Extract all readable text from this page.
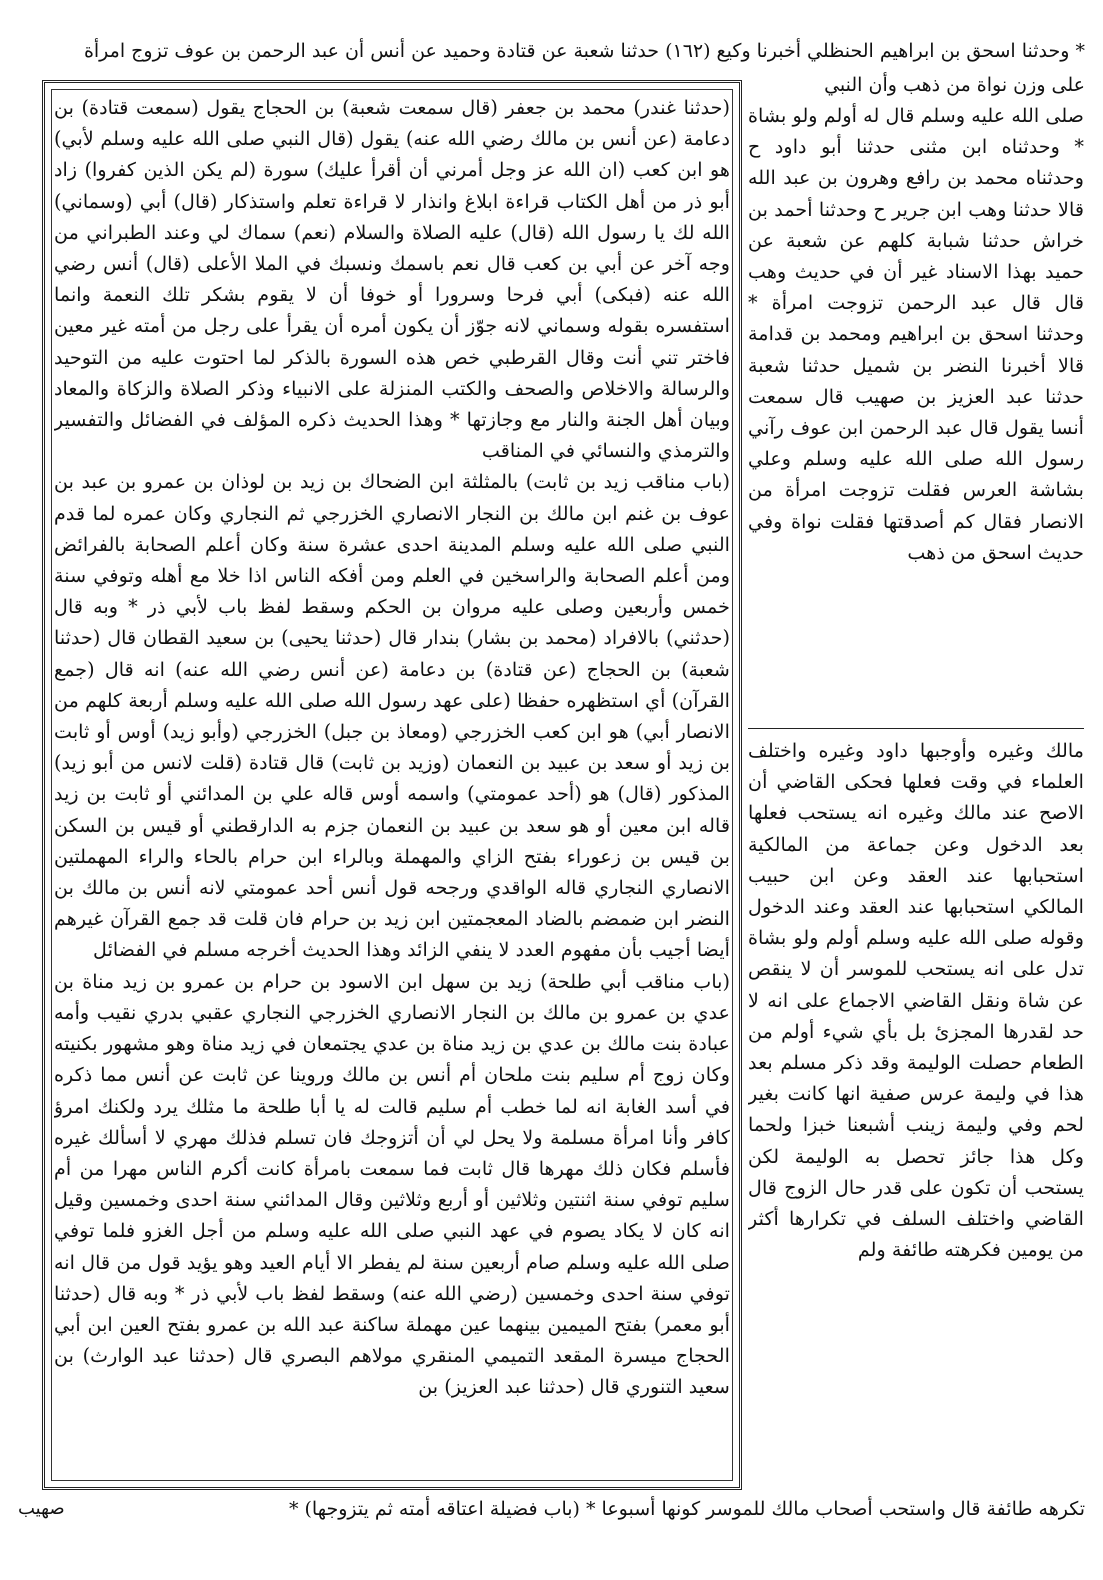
* وحدثنا اسحق بن ابراهيم الحنظلي أخبرنا وكيع (١٦٢) حدثنا شعبة عن قتادة وحميد عن أنس أن عبد الرحمن بن عوف تزوج امرأة
على وزن نواة من ذهب وأن النبي

(حدثنا غندر) محمد بن جعفر (قال سمعت شعبة) بن الحجاج يقول (سمعت قتادة) بن دعامة (عن أنس بن مالك رضي الله عنه) يقول (قال النبي صلى الله عليه وسلم لأبي) هو ابن كعب (ان الله عز وجل أمرني أن أقرأ عليك) سورة (لم يكن الذين كفروا) زاد أبو ذر من أهل الكتاب قراءة ابلاغ وانذار لا قراءة تعلم واستذكار (قال) أبي (وسماني) الله لك يا رسول الله (قال) عليه الصلاة والسلام (نعم) سماك لي وعند الطبراني من وجه آخر عن أبي بن كعب قال نعم باسمك ونسبك في الملا الأعلى (قال) أنس رضي الله عنه (فبكى) أبي فرحا وسرورا أو خوفا أن لا يقوم بشكر تلك النعمة وانما استفسره بقوله وسماني لانه جوّز أن يكون أمره أن يقرأ على رجل من أمته غير معين فاختر تني أنت وقال القرطبي خص هذه السورة بالذكر لما احتوت عليه من التوحيد والرسالة والاخلاص والصحف والكتب المنزلة على الانبياء وذكر الصلاة والزكاة والمعاد وبيان أهل الجنة والنار مع وجازتها * وهذا الحديث ذكره المؤلف في الفضائل والتفسير والترمذي والنسائي في المناقب

(باب مناقب زيد بن ثابت) بالمثلثة ابن الضحاك بن زيد بن لوذان بن عمرو بن عبد بن عوف بن غنم ابن مالك بن النجار الانصاري الخزرجي ثم النجاري وكان عمره لما قدم النبي صلى الله عليه وسلم المدينة احدى عشرة سنة وكان أعلم الصحابة بالفرائض ومن أعلم الصحابة والراسخين في العلم ومن أفكه الناس اذا خلا مع أهله وتوفي سنة خمس وأربعين وصلى عليه مروان بن الحكم وسقط لفظ باب لأبي ذر * وبه قال (حدثني) بالافراد (محمد بن بشار) بندار قال (حدثنا يحيى) بن سعيد القطان قال (حدثنا شعبة) بن الحجاج (عن قتادة) بن دعامة (عن أنس رضي الله عنه) انه قال (جمع القرآن) أي استظهره حفظا (على عهد رسول الله صلى الله عليه وسلم أربعة كلهم من الانصار أبي) هو ابن كعب الخزرجي (ومعاذ بن جبل) الخزرجي (وأبو زيد) أوس أو ثابت بن زيد أو سعد بن عبيد بن النعمان (وزيد بن ثابت) قال قتادة (قلت لانس من أبو زيد) المذكور (قال) هو (أحد عمومتي) واسمه أوس قاله علي بن المدائني أو ثابت بن زيد قاله ابن معين أو هو سعد بن عبيد بن النعمان جزم به الدارقطني أو قيس بن السكن بن قيس بن زعوراء بفتح الزاي والمهملة وبالراء ابن حرام بالحاء والراء المهملتين الانصاري النجاري قاله الواقدي ورجحه قول أنس أحد عمومتي لانه أنس بن مالك بن النضر ابن ضمضم بالضاد المعجمتين ابن زيد بن حرام فان قلت قد جمع القرآن غيرهم أيضا أجيب بأن مفهوم العدد لا ينفي الزائد وهذا الحديث أخرجه مسلم في الفضائل

(باب مناقب أبي طلحة) زيد بن سهل ابن الاسود بن حرام بن عمرو بن زيد مناة بن عدي بن عمرو بن مالك بن النجار الانصاري الخزرجي النجاري عقبي بدري نقيب وأمه عبادة بنت مالك بن عدي بن زيد مناة بن عدي يجتمعان في زيد مناة وهو مشهور بكنيته وكان زوج أم سليم بنت ملحان أم أنس بن مالك وروينا عن ثابت عن أنس مما ذكره في أسد الغابة انه لما خطب أم سليم قالت له يا أبا طلحة ما مثلك يرد ولكنك امرؤ كافر وأنا امرأة مسلمة ولا يحل لي أن أتزوجك فان تسلم فذلك مهري لا أسألك غيره فأسلم فكان ذلك مهرها قال ثابت فما سمعت بامرأة كانت أكرم الناس مهرا من أم سليم توفي سنة اثنتين وثلاثين أو أربع وثلاثين وقال المدائني سنة احدى وخمسين وقيل انه كان لا يكاد يصوم في عهد النبي صلى الله عليه وسلم من أجل الغزو فلما توفي صلى الله عليه وسلم صام أربعين سنة لم يفطر الا أيام العيد وهو يؤيد قول من قال انه توفي سنة احدى وخمسين (رضي الله عنه) وسقط لفظ باب لأبي ذر * وبه قال (حدثنا أبو معمر) بفتح الميمين بينهما عين مهملة ساكنة عبد الله بن عمرو بفتح العين ابن أبي الحجاج ميسرة المقعد التميمي المنقري مولاهم البصري قال (حدثنا عبد الوارث) بن سعيد التنوري قال (حدثنا عبد العزيز) بن

صلى الله عليه وسلم قال له أولم ولو بشاة * وحدثناه ابن مثنى حدثنا أبو داود ح وحدثناه محمد بن رافع وهرون بن عبد الله قالا حدثنا وهب ابن جرير ح وحدثنا أحمد بن خراش حدثنا شبابة كلهم عن شعبة عن حميد بهذا الاسناد غير أن في حديث وهب قال قال عبد الرحمن تزوجت امرأة * وحدثنا اسحق بن ابراهيم ومحمد بن قدامة قالا أخبرنا النضر بن شميل حدثنا شعبة حدثنا عبد العزيز بن صهيب قال سمعت أنسا يقول قال عبد الرحمن ابن عوف رآني رسول الله صلى الله عليه وسلم وعلي بشاشة العرس فقلت تزوجت امرأة من الانصار فقال كم أصدقتها فقلت نواة وفي حديث اسحق من ذهب

مالك وغيره وأوجبها داود وغيره واختلف العلماء في وقت فعلها فحكى القاضي أن الاصح عند مالك وغيره انه يستحب فعلها بعد الدخول وعن جماعة من المالكية استحبابها عند العقد وعن ابن حبيب المالكي استحبابها عند العقد وعند الدخول وقوله صلى الله عليه وسلم أولم ولو بشاة تدل على انه يستحب للموسر أن لا ينقص عن شاة ونقل القاضي الاجماع على انه لا حد لقدرها المجزئ بل بأي شيء أولم من الطعام حصلت الوليمة وقد ذكر مسلم بعد هذا في وليمة عرس صفية انها كانت بغير لحم وفي وليمة زينب أشبعنا خبزا ولحما وكل هذا جائز تحصل به الوليمة لكن يستحب أن تكون على قدر حال الزوج قال القاضي واختلف السلف في تكرارها أكثر من يومين فكرهته طائفة ولم

تكرهه طائفة قال واستحب أصحاب مالك للموسر كونها أسبوعا * (باب فضيلة اعتاقه أمته ثم يتزوجها) *
صهيب
